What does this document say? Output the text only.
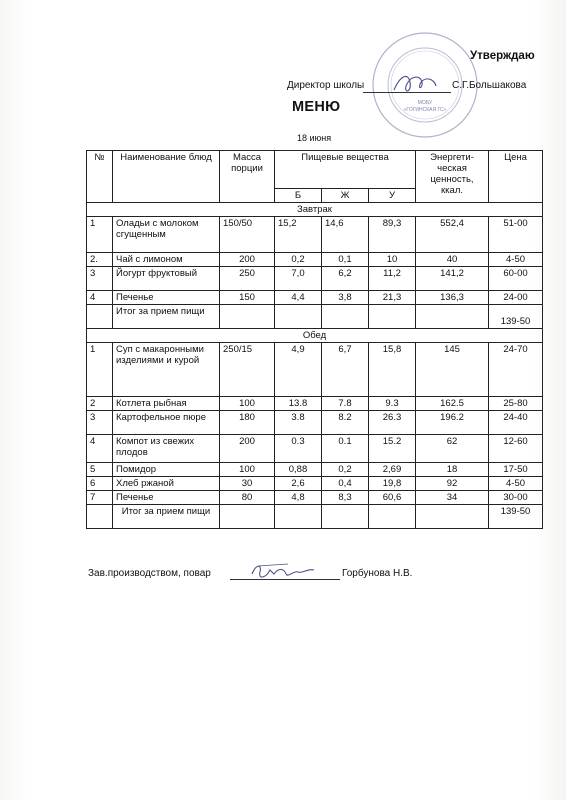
МОБУ
«ГОГИНСКАЯ ГС»
Утверждаю
Директор школы	С.Г.Большакова
МЕНЮ
18 июня
№	Наименование блюд	Масса порции	Пищевые вещества			Энергети-ческая ценность, ккал.	Цена
			Б	Ж	У		
Завтрак							
1	Оладьи с молоком сгущенным	150/50	15,2	14,6	89,3	552,4	51-00
2.	Чай с лимоном	200	0,2	0,1	10	40	4-50
3	Йогурт фруктовый	250	7,0	6,2	11,2	141,2	60-00
4	Печенье	150	4,4	3,8	21,3	136,3	24-00
	Итог за прием пищи						139-50
Обед							
1	Суп с макаронными изделиями и курой	250/15	4,9	6,7	15,8	145	24-70
2	Котлета рыбная	100	13.8	7.8	9.3	162.5	25-80
3	Картофельное пюре	180	3.8	8.2	26.3	196.2	24-40
4	Компот из свежих плодов	200	0.3	0.1	15.2	62	12-60
5	Помидор	100	0,88	0,2	2,69	18	17-50
6	Хлеб ржаной	30	2,6	0,4	19,8	92	4-50
7	Печенье	80	4,8	8,3	60,6	34	30-00
	Итог за прием пищи						139-50
Зав.производством, повар	Горбунова Н.В.
